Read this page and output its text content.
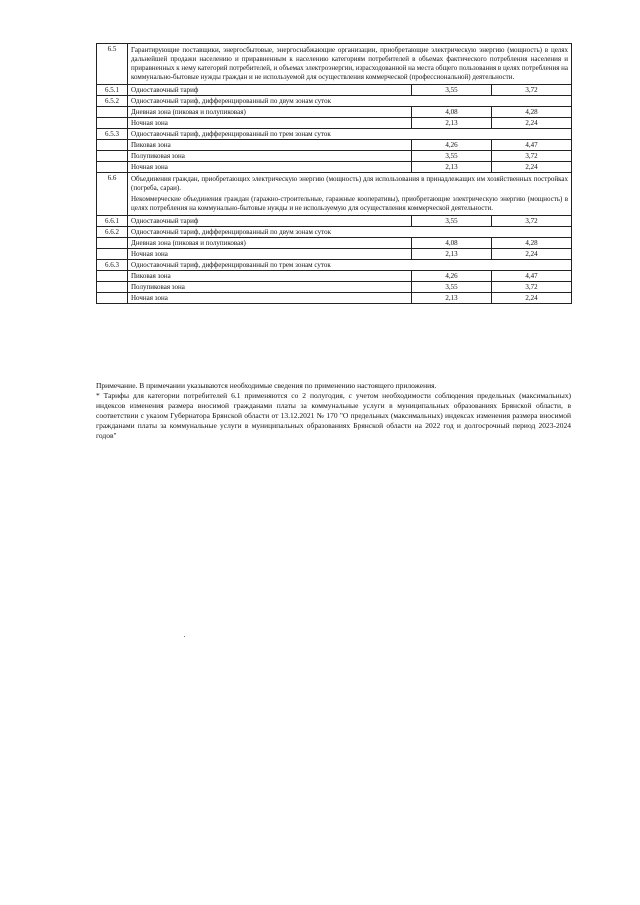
6.5	Гарантирующие поставщики, энергосбытовые, энергоснабжающие организации, приобретающие электрическую энергию (мощность) в целях дальнейшей продажи населению и приравненным к населению категориям потребителей в объемах фактического потребления населения и приравненных к нему категорий потребителей, и объемах электроэнергии, израсходованной на места общего пользования в целях потребления на коммунально-бытовые нужды граждан и не используемой для осуществления коммерческой (профессиональной) деятельности.		

6.5.1	Одноставочный тариф	3,55	3,72
6.5.2	Одноставочный тариф, дифференцированный по двум зонам суток		
	Дневная зона (пиковая и полупиковая)	4,08	4,28
	Ночная зона	2,13	2,24
6.5.3	Одноставочный тариф, дифференцированный по трем зонам суток		
	Пиковая зона	4,26	4,47
	Полупиковая зона	3,55	3,72
	Ночная зона	2,13	2,24
6.6	Объединения граждан, приобретающих электрическую энергию (мощность) для использования в принадлежащих им хозяйственных постройках (погреба, сараи).

Некоммерческие объединения граждан (гаражно-строительные, гаражные кооперативы), приобретающие электрическую энергию (мощность) в целях потребления на коммунально-бытовые нужды и не используемую для осуществления коммерческой деятельности.		

6.6.1	Одноставочный тариф	3,55	3,72
6.6.2	Одноставочный тариф, дифференцированный по двум зонам суток		
	Дневная зона (пиковая и полупиковая)	4,08	4,28
	Ночная зона	2,13	2,24
6.6.3	Одноставочный тариф, дифференцированный по трем зонам суток		
	Пиковая зона	4,26	4,47
	Полупиковая зона	3,55	3,72
	Ночная зона	2,13	2,24

Примечание. В примечании указываются необходимые сведения по применению настоящего приложения.

* Тарифы для категории потребителей 6.1 применяются со 2 полугодия, с учетом необходимости соблюдения предельных (максимальных) индексов изменения размера вносимой гражданами платы за коммунальные услуги в муниципальных образованиях Брянской области, в соответствии с указом Губернатора Брянской области от 13.12.2021 № 170 "О предельных (максимальных) индексах изменения размера вносимой гражданами платы за коммунальные услуги в муниципальных образованиях Брянской области на 2022 год и долгосрочный период 2023-2024 годов"
